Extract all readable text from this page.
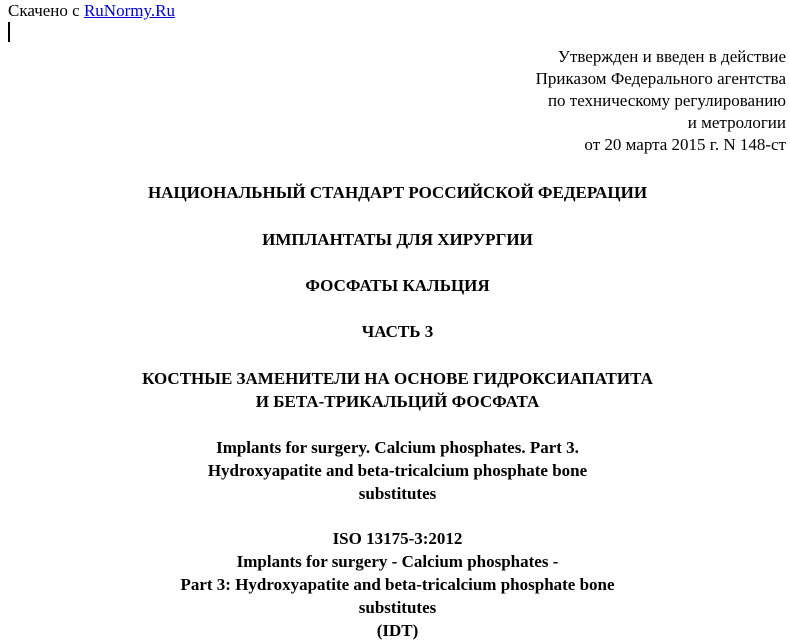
Скачено с RuNormy.Ru
Утвержден и введен в действие
Приказом Федерального агентства
по техническому регулированию
и метрологии
от 20 марта 2015 г. N 148-ст
НАЦИОНАЛЬНЫЙ СТАНДАРТ РОССИЙСКОЙ ФЕДЕРАЦИИ
ИМПЛАНТАТЫ ДЛЯ ХИРУРГИИ
ФОСФАТЫ КАЛЬЦИЯ
ЧАСТЬ 3
КОСТНЫЕ ЗАМЕНИТЕЛИ НА ОСНОВЕ ГИДРОКСИАПАТИТА
И БЕТА-ТРИКАЛЬЦИЙ ФОСФАТА
Implants for surgery. Calcium phosphates. Part 3.
Hydroxyapatite and beta-tricalcium phosphate bone
substitutes
ISO 13175-3:2012
Implants for surgery - Calcium phosphates -
Part 3: Hydroxyapatite and beta-tricalcium phosphate bone
substitutes
(IDT)
